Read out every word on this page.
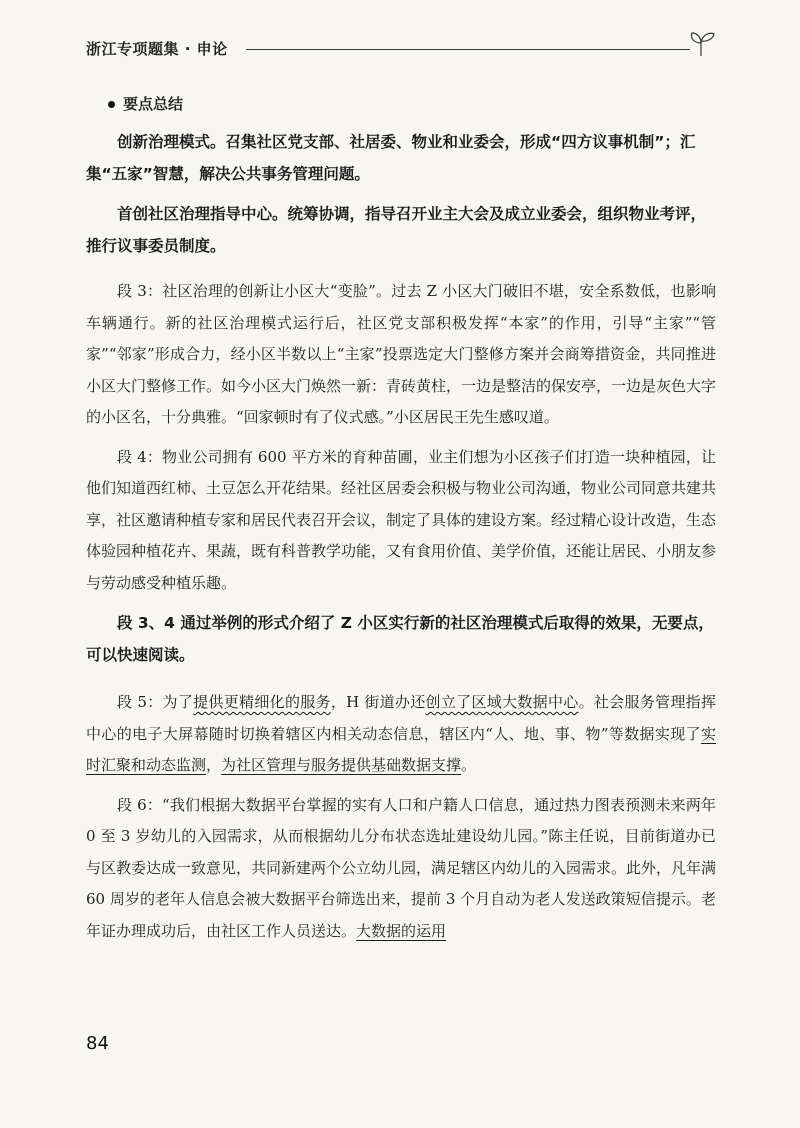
浙江专项题集 · 申论
要点总结

创新治理模式。召集社区党支部、社居委、物业和业委会，形成“四方议事机制”；汇集“五家”智慧，解决公共事务管理问题。

首创社区治理指导中心。统筹协调，指导召开业主大会及成立业委会，组织物业考评，推行议事委员制度。

段 3：社区治理的创新让小区大“变脸”。过去 Z 小区大门破旧不堪，安全系数低，也影响车辆通行。新的社区治理模式运行后，社区党支部积极发挥“本家”的作用，引导“主家”“管家”“邻家”形成合力，经小区半数以上“主家”投票选定大门整修方案并会商筹措资金，共同推进小区大门整修工作。如今小区大门焕然一新：青砖黄柱，一边是整洁的保安亭，一边是灰色大字的小区名，十分典雅。“回家顿时有了仪式感。”小区居民王先生感叹道。

段 4：物业公司拥有 600 平方米的育种苗圃，业主们想为小区孩子们打造一块种植园，让他们知道西红柿、土豆怎么开花结果。经社区居委会积极与物业公司沟通，物业公司同意共建共享，社区邀请种植专家和居民代表召开会议，制定了具体的建设方案。经过精心设计改造，生态体验园种植花卉、果蔬，既有科普教学功能，又有食用价值、美学价值，还能让居民、小朋友参与劳动感受种植乐趣。

段 3、4 通过举例的形式介绍了 Z 小区实行新的社区治理模式后取得的效果，无要点，可以快速阅读。

段 5：为了提供更精细化的服务，H 街道办还创立了区域大数据中心。社会服务管理指挥中心的电子大屏幕随时切换着辖区内相关动态信息，辖区内“人、地、事、物”等数据实现了实时汇聚和动态监测，为社区管理与服务提供基础数据支撑。

段 6：“我们根据大数据平台掌握的实有人口和户籍人口信息，通过热力图表预测未来两年 0 至 3 岁幼儿的入园需求，从而根据幼儿分布状态选址建设幼儿园。”陈主任说，目前街道办已与区教委达成一致意见，共同新建两个公立幼儿园，满足辖区内幼儿的入园需求。此外，凡年满 60 周岁的老年人信息会被大数据平台筛选出来，提前 3 个月自动为老人发送政策短信提示。老年证办理成功后，由社区工作人员送达。大数据的运用

84
